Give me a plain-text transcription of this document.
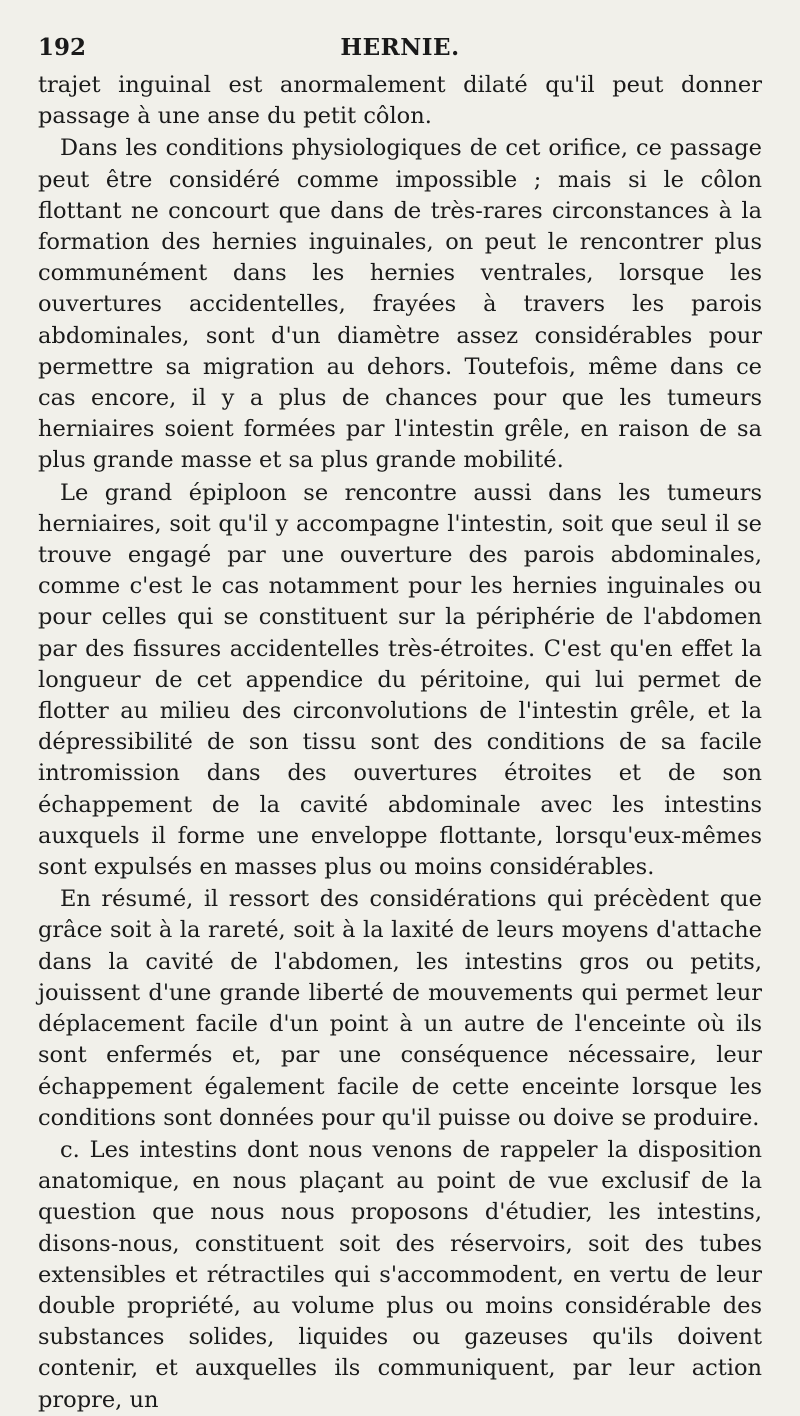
192	HERNIE.

trajet inguinal est anormalement dilaté qu'il peut donner passage à une anse du petit côlon.

Dans les conditions physiologiques de cet orifice, ce passage peut être considéré comme impossible ; mais si le côlon flottant ne concourt que dans de très-rares circonstances à la formation des hernies inguinales, on peut le rencontrer plus communément dans les hernies ventrales, lorsque les ouvertures accidentelles, frayées à travers les parois abdominales, sont d'un diamètre assez considérables pour permettre sa migration au dehors. Toutefois, même dans ce cas encore, il y a plus de chances pour que les tumeurs herniaires soient formées par l'intestin grêle, en raison de sa plus grande masse et sa plus grande mobilité.

Le grand épiploon se rencontre aussi dans les tumeurs herniaires, soit qu'il y accompagne l'intestin, soit que seul il se trouve engagé par une ouverture des parois abdominales, comme c'est le cas notamment pour les hernies inguinales ou pour celles qui se constituent sur la périphérie de l'abdomen par des fissures accidentelles très-étroites. C'est qu'en effet la longueur de cet appendice du péritoine, qui lui permet de flotter au milieu des circonvolutions de l'intestin grêle, et la dépressibilité de son tissu sont des conditions de sa facile intromission dans des ouvertures étroites et de son échappement de la cavité abdominale avec les intestins auxquels il forme une enveloppe flottante, lorsqu'eux-mêmes sont expulsés en masses plus ou moins considérables.

En résumé, il ressort des considérations qui précèdent que grâce soit à la rareté, soit à la laxité de leurs moyens d'attache dans la cavité de l'abdomen, les intestins gros ou petits, jouissent d'une grande liberté de mouvements qui permet leur déplacement facile d'un point à un autre de l'enceinte où ils sont enfermés et, par une conséquence nécessaire, leur échappement également facile de cette enceinte lorsque les conditions sont données pour qu'il puisse ou doive se produire.

c. Les intestins dont nous venons de rappeler la disposition anatomique, en nous plaçant au point de vue exclusif de la question que nous nous proposons d'étudier, les intestins, disons-nous, constituent soit des réservoirs, soit des tubes extensibles et rétractiles qui s'accommodent, en vertu de leur double propriété, au volume plus ou moins considérable des substances solides, liquides ou gazeuses qu'ils doivent contenir, et auxquelles ils communiquent, par leur action propre, un
